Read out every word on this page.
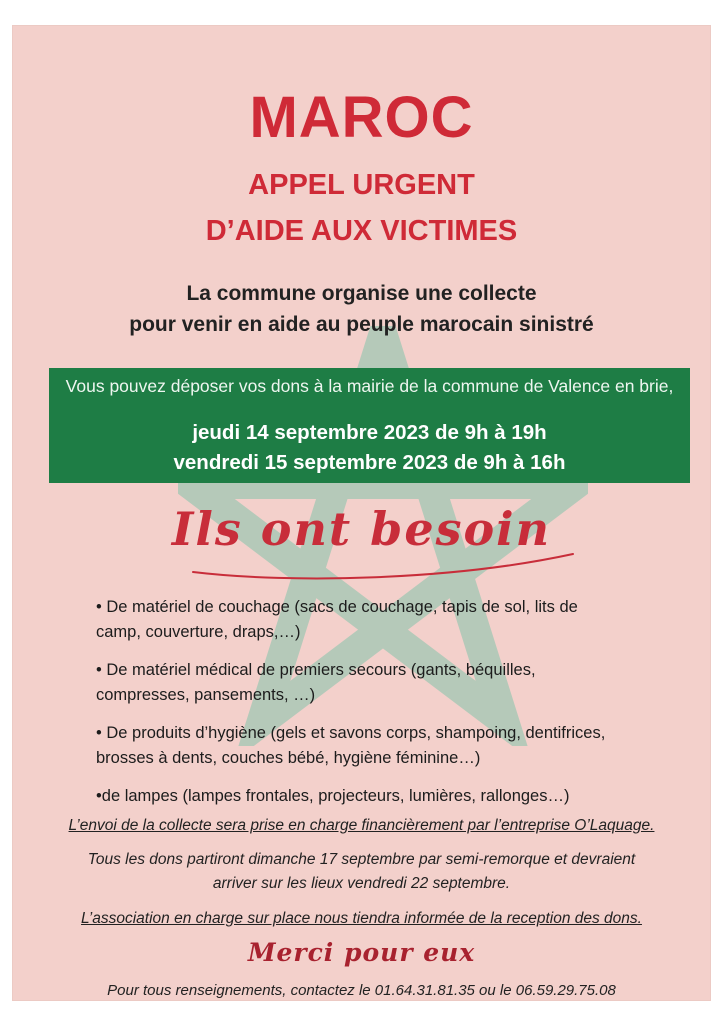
MAROC
APPEL URGENT
D’AIDE AUX VICTIMES
La commune organise une collecte
pour venir en aide au peuple marocain sinistré
Vous pouvez déposer vos dons à la mairie de la commune de Valence en brie,
jeudi 14 septembre 2023 de 9h à 19h
vendredi 15 septembre 2023 de 9h à 16h
Ils ont besoin
• De matériel de couchage (sacs de couchage, tapis de sol, lits de
camp, couverture, draps,…)
• De matériel médical de premiers secours (gants, béquilles,
compresses, pansements, …)
• De produits d’hygiène (gels et savons corps, shampoing, dentifrices,
brosses à dents, couches bébé, hygiène féminine…)
•de lampes (lampes frontales, projecteurs, lumières, rallonges…)
L’envoi de la collecte sera prise en charge financièrement par l’entreprise O’Laquage.
Tous les dons partiront dimanche 17 septembre par semi-remorque et devraient
arriver sur les lieux vendredi 22 septembre.
L’association en charge sur place nous tiendra informée de la reception des dons.
Merci pour eux
Pour tous renseignements, contactez le 01.64.31.81.35 ou le 06.59.29.75.08
